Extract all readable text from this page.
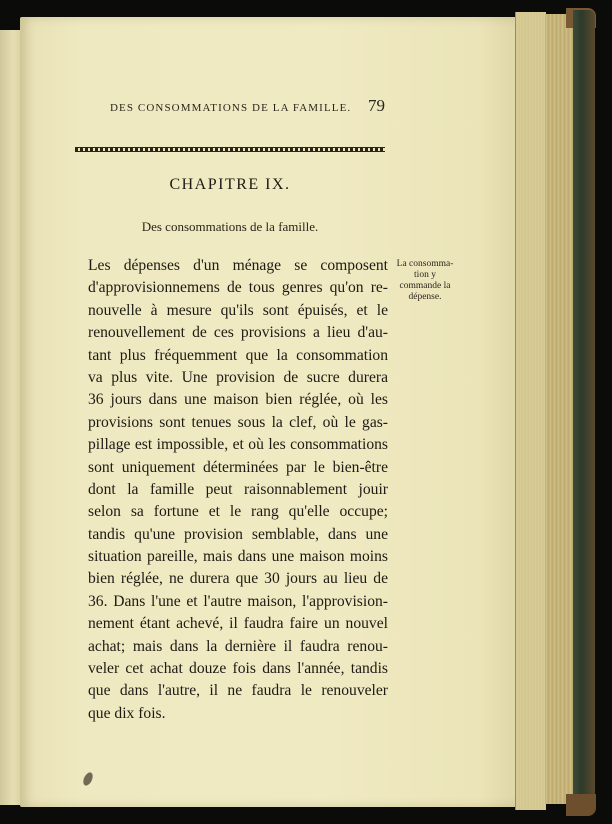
DES CONSOMMATIONS DE LA FAMILLE. 79
CHAPITRE IX.
Des consommations de la famille.
Les dépenses d'un ménage se composent
d'approvisionnemens de tous genres qu'on re-
nouvelle à mesure qu'ils sont épuisés, et le
renouvellement de ces provisions a lieu d'au-
tant plus fréquemment que la consommation
va plus vite. Une provision de sucre durera
36 jours dans une maison bien réglée, où les
provisions sont tenues sous la clef, où le gas-
pillage est impossible, et où les consommations
sont uniquement déterminées par le bien-être
dont la famille peut raisonnablement jouir
selon sa fortune et le rang qu'elle occupe;
tandis qu'une provision semblable, dans une
situation pareille, mais dans une maison moins
bien réglée, ne durera que 30 jours au lieu de
36. Dans l'une et l'autre maison, l'approvision-
nement étant achevé, il faudra faire un nouvel
achat; mais dans la dernière il faudra renou-
veler cet achat douze fois dans l'année, tandis
que dans l'autre, il ne faudra le renouveler
que dix fois.
La consomma-
tion y
commande la
dépense.
